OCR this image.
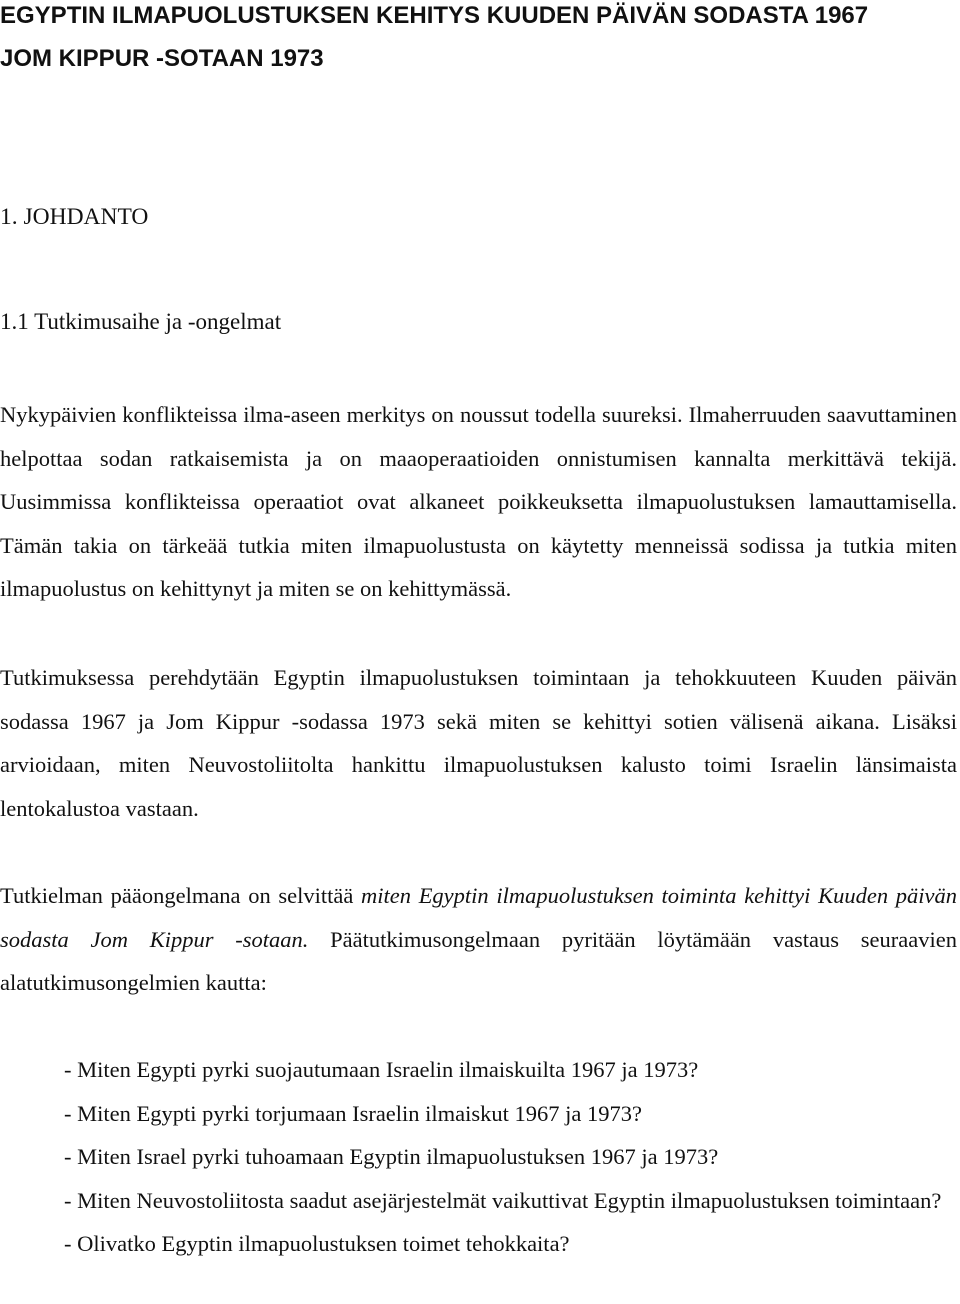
EGYPTIN ILMAPUOLUSTUKSEN KEHITYS KUUDEN PÄIVÄN SODASTA 1967
JOM KIPPUR -SOTAAN 1973
1. JOHDANTO
1.1 Tutkimusaihe ja -ongelmat

Nykypäivien konflikteissa ilma-aseen merkitys on noussut todella suureksi. Ilmaherruuden saavuttaminen helpottaa sodan ratkaisemista ja on maaoperaatioiden onnistumisen kannalta merkittävä tekijä. Uusimmissa konflikteissa operaatiot ovat alkaneet poikkeuksetta ilmapuolustuksen lamauttamisella. Tämän takia on tärkeää tutkia miten ilmapuolustusta on käytetty menneissä sodissa ja tutkia miten ilmapuolustus on kehittynyt ja miten se on kehittymässä.

Tutkimuksessa perehdytään Egyptin ilmapuolustuksen toimintaan ja tehokkuuteen Kuuden päivän sodassa 1967 ja Jom Kippur -sodassa 1973 sekä miten se kehittyi sotien välisenä aikana. Lisäksi arvioidaan, miten Neuvostoliitolta hankittu ilmapuolustuksen kalusto toimi Israelin länsimaista lentokalustoa vastaan.

Tutkielman pääongelmana on selvittää miten Egyptin ilmapuolustuksen toiminta kehittyi Kuuden päivän sodasta Jom Kippur -sotaan. Päätutkimusongelmaan pyritään löytämään vastaus seuraavien alatutkimusongelmien kautta:

- Miten Egypti pyrki suojautumaan Israelin ilmaiskuilta 1967 ja 1973?
- Miten Egypti pyrki torjumaan Israelin ilmaiskut 1967 ja 1973?
- Miten Israel pyrki tuhoamaan Egyptin ilmapuolustuksen 1967 ja 1973?
- Miten Neuvostoliitosta saadut asejärjestelmät vaikuttivat Egyptin ilmapuolustuksen toimintaan?
- Olivatko Egyptin ilmapuolustuksen toimet tehokkaita?
